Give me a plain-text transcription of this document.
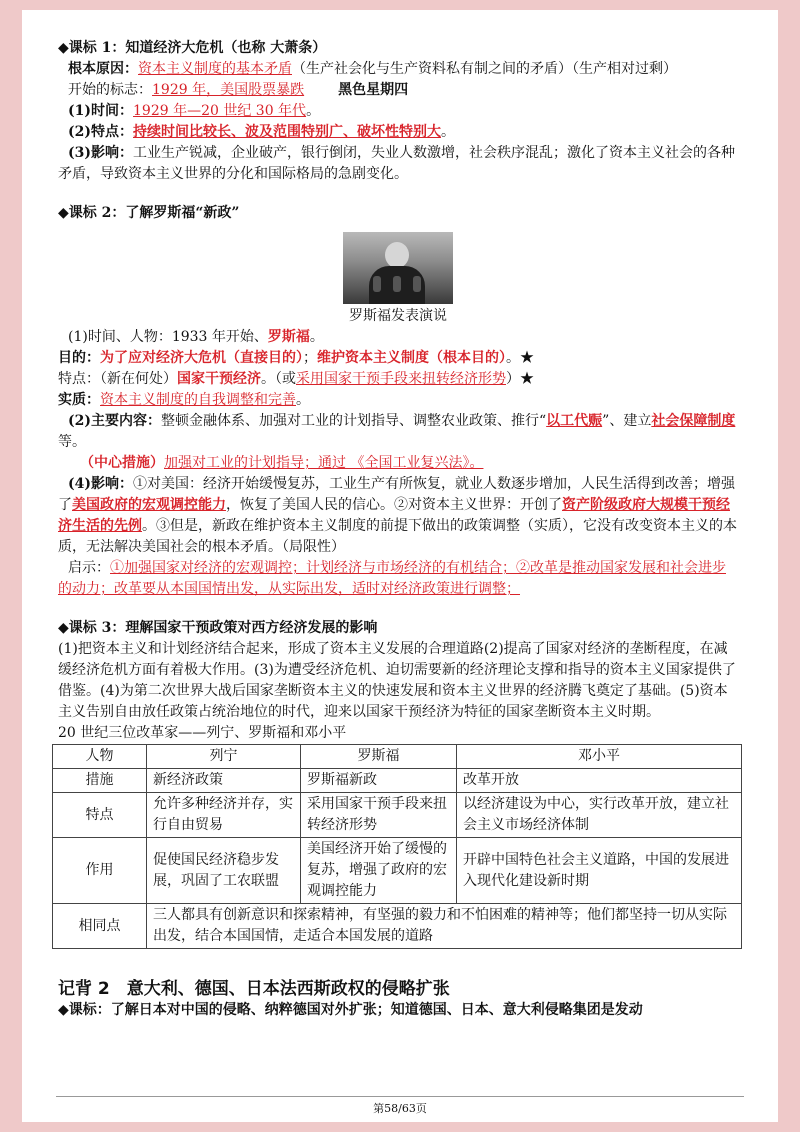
◆课标 1：知道经济大危机（也称 大萧条）

根本原因：资本主义制度的基本矛盾（生产社会化与生产资料私有制之间的矛盾）（生产相对过剩）

开始的标志：1929 年，美国股票暴跌 黑色星期四

(1)时间：1929 年—20 世纪 30 年代。

(2)特点：持续时间比较长、波及范围特别广、破坏性特别大。

(3)影响：工业生产锐减，企业破产，银行倒闭，失业人数激增，社会秩序混乱；激化了资本主义社会的各种矛盾，导致资本主义世界的分化和国际格局的急剧变化。

◆课标 2：了解罗斯福“新政”

罗斯福发表演说

(1)时间、人物：1933 年开始、罗斯福。

目的：为了应对经济大危机（直接目的）；维护资本主义制度（根本目的）。★

特点：（新在何处）国家干预经济。（或采用国家干预手段来扭转经济形势）★

实质：资本主义制度的自我调整和完善。

(2)主要内容：整顿金融体系、加强对工业的计划指导、调整农业政策、推行“以工代赈”、建立社会保障制度等。

（中心措施）加强对工业的计划指导；通过 《全国工业复兴法》。

(4)影响：①对美国：经济开始缓慢复苏，工业生产有所恢复，就业人数逐步增加，人民生活得到改善；增强了美国政府的宏观调控能力，恢复了美国人民的信心。②对资本主义世界：开创了资产阶级政府大规模干预经济生活的先例。③但是，新政在维护资本主义制度的前提下做出的政策调整（实质），它没有改变资本主义的本质，无法解决美国社会的根本矛盾。（局限性）

启示：①加强国家对经济的宏观调控；计划经济与市场经济的有机结合；②改革是推动国家发展和社会进步的动力；改革要从本国国情出发，从实际出发，适时对经济政策进行调整；

◆课标 3：理解国家干预政策对西方经济发展的影响

(1)把资本主义和计划经济结合起来，形成了资本主义发展的合理道路(2)提高了国家对经济的垄断程度，在减缓经济危机方面有着极大作用。(3)为遭受经济危机、迫切需要新的经济理论支撑和指导的资本主义国家提供了借鉴。(4)为第二次世界大战后国家垄断资本主义的快速发展和资本主义世界的经济腾飞奠定了基础。(5)资本主义告别自由放任政策占统治地位的时代，迎来以国家干预经济为特征的国家垄断资本主义时期。

20 世纪三位改革家——列宁、罗斯福和邓小平

人物	列宁	罗斯福	邓小平
措施	新经济政策	罗斯福新政	改革开放
特点	允许多种经济并存，实行自由贸易	采用国家干预手段来扭转经济形势	以经济建设为中心，实行改革开放，建立社会主义市场经济体制
作用	促使国民经济稳步发展，巩固了工农联盟	美国经济开始了缓慢的复苏，增强了政府的宏观调控能力	开辟中国特色社会主义道路，中国的发展进入现代化建设新时期
相同点	三人都具有创新意识和探索精神，有坚强的毅力和不怕困难的精神等；他们都坚持一切从实际出发，结合本国国情，走适合本国发展的道路		

记背 2　意大利、德国、日本法西斯政权的侵略扩张

◆课标：了解日本对中国的侵略、纳粹德国对外扩张；知道德国、日本、意大利侵略集团是发动

第58/63页
